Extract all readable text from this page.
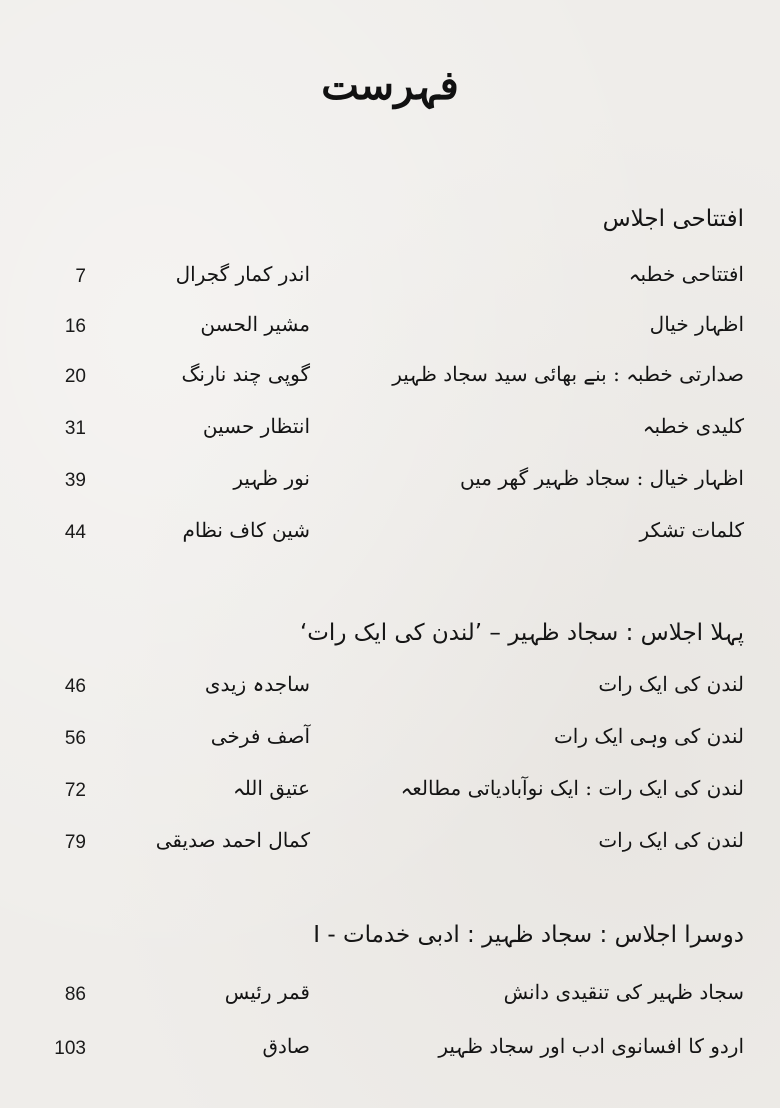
فہرست
افتتاحی اجلاس
افتتاحی خطبہ
اندر کمار گجرال
7
اظہار خیال
مشیر الحسن
16
صدارتی خطبہ : بنے بھائی سید سجاد ظہیر
گوپی چند نارنگ
20
کلیدی خطبہ
انتظار حسین
31
اظہار خیال : سجاد ظہیر گھر میں
نور ظہیر
39
کلمات تشکر
شین کاف نظام
44
پہلا اجلاس : سجاد ظہیر – ’لندن کی ایک رات‘
لندن کی ایک رات
ساجدہ زیدی
46
لندن کی وہی ایک رات
آصف فرخی
56
لندن کی ایک رات : ایک نوآبادیاتی مطالعہ
عتیق اللہ
72
لندن کی ایک رات
کمال احمد صدیقی
79
دوسرا اجلاس : سجاد ظہیر : ادبی خدمات - I
سجاد ظہیر کی تنقیدی دانش
قمر رئیس
86
اردو کا افسانوی ادب اور سجاد ظہیر
صادق
103
